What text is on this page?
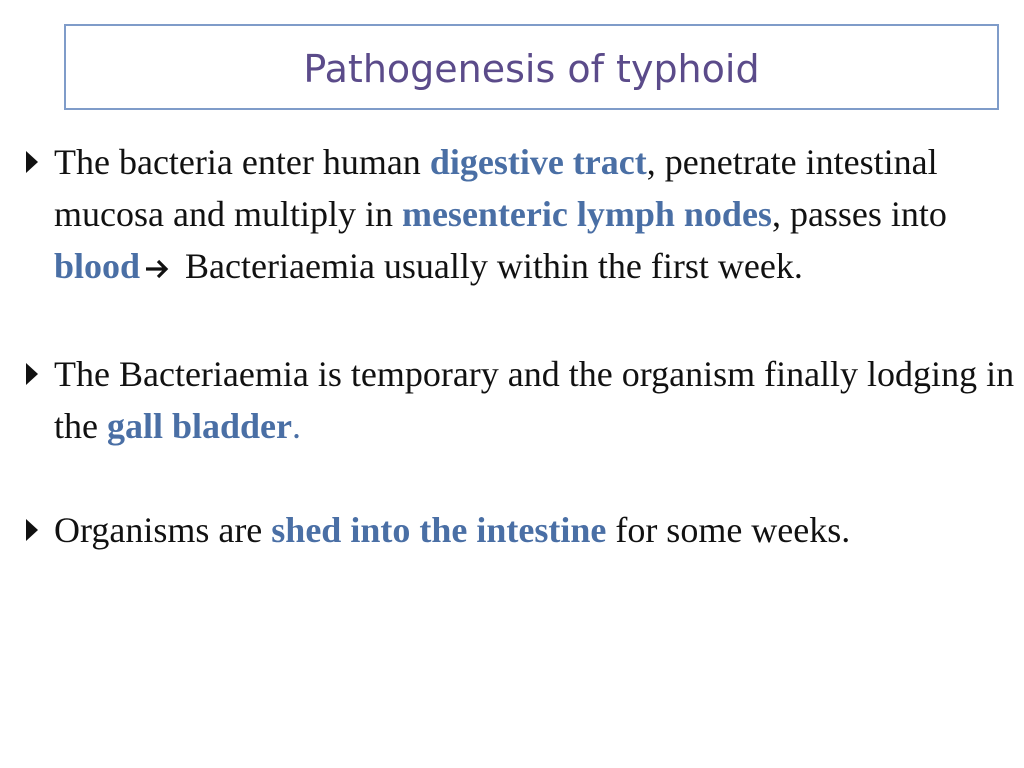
Pathogenesis of typhoid

The bacteria enter human digestive tract, penetrate intestinal mucosa and multiply in mesenteric lymph nodes, passes into blood Bacteriaemia usually within the first week.

The Bacteriaemia is temporary and the organism finally lodging in the gall bladder.

Organisms are shed into the intestine for some weeks.
